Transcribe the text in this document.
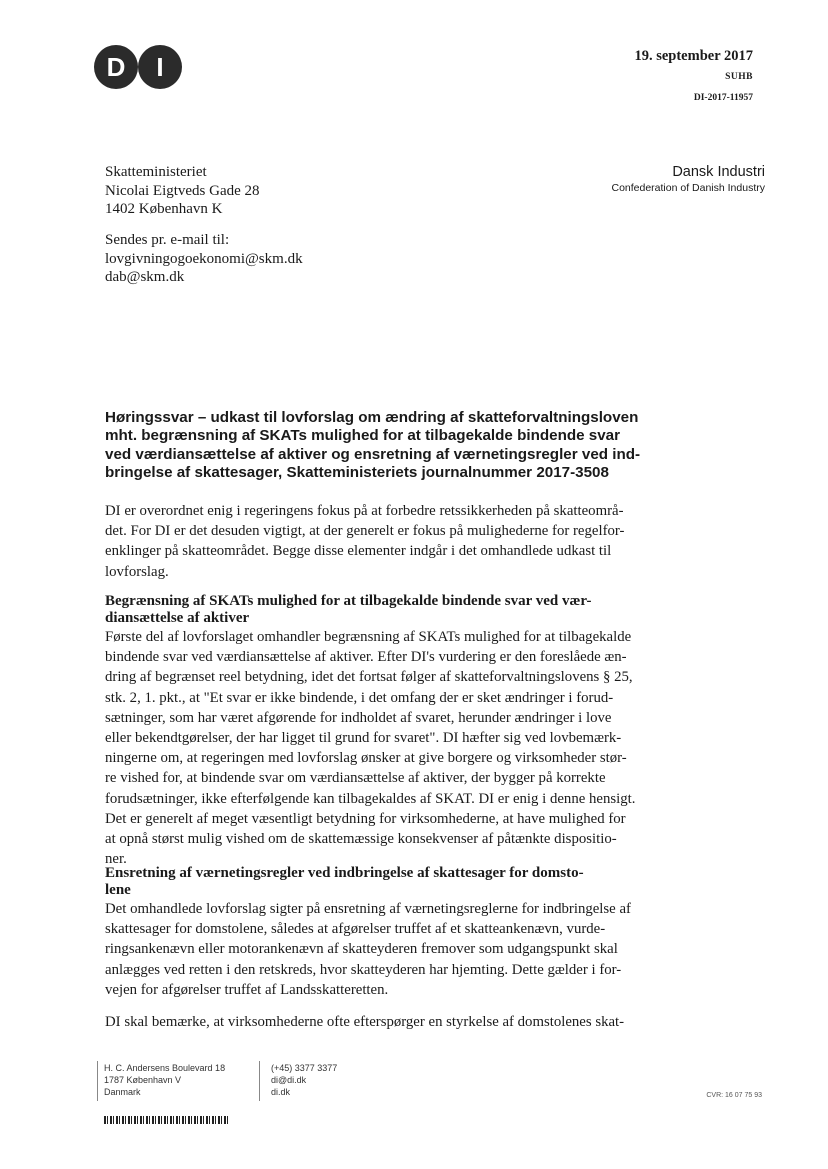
D	I	19. september 2017
SUHB
DI-2017-11957
Skatteministeriet
Nicolai Eigtveds Gade 28
1402 København K
Dansk Industri
Confederation of Danish Industry
Sendes pr. e-mail til:
lovgivningogoekonomi@skm.dk
dab@skm.dk
Høringssvar – udkast til lovforslag om ændring af skatteforvaltningsloven
mht. begrænsning af SKATs mulighed for at tilbagekalde bindende svar
ved værdiansættelse af aktiver og ensretning af værnetingsregler ved ind-
bringelse af skattesager, Skatteministeriets journalnummer 2017-3508
DI er overordnet enig i regeringens fokus på at forbedre retssikkerheden på skatteområ-
det. For DI er det desuden vigtigt, at der generelt er fokus på mulighederne for regelfor-
enklinger på skatteområdet. Begge disse elementer indgår i det omhandlede udkast til
lovforslag.
Begrænsning af SKATs mulighed for at tilbagekalde bindende svar ved vær-
diansættelse af aktiver
Første del af lovforslaget omhandler begrænsning af SKATs mulighed for at tilbagekalde
bindende svar ved værdiansættelse af aktiver. Efter DI's vurdering er den foreslåede æn-
dring af begrænset reel betydning, idet det fortsat følger af skatteforvaltningslovens § 25,
stk. 2, 1. pkt., at "Et svar er ikke bindende, i det omfang der er sket ændringer i forud-
sætninger, som har været afgørende for indholdet af svaret, herunder ændringer i love
eller bekendtgørelser, der har ligget til grund for svaret". DI hæfter sig ved lovbemærk-
ningerne om, at regeringen med lovforslag ønsker at give borgere og virksomheder stør-
re vished for, at bindende svar om værdiansættelse af aktiver, der bygger på korrekte
forudsætninger, ikke efterfølgende kan tilbagekaldes af SKAT. DI er enig i denne hensigt.
Det er generelt af meget væsentligt betydning for virksomhederne, at have mulighed for
at opnå størst mulig vished om de skattemæssige konsekvenser af påtænkte dispositio-
ner.
Ensretning af værnetingsregler ved indbringelse af skattesager for domsto-
lene
Det omhandlede lovforslag sigter på ensretning af værnetingsreglerne for indbringelse af
skattesager for domstolene, således at afgørelser truffet af et skatteankenævn, vurde-
ringsankenævn eller motorankenævn af skatteyderen fremover som udgangspunkt skal
anlægges ved retten i den retskreds, hvor skatteyderen har hjemting. Dette gælder i for-
vejen for afgørelser truffet af Landsskatteretten.
DI skal bemærke, at virksomhederne ofte efterspørger en styrkelse af domstolenes skat-
H. C. Andersens Boulevard 18
1787 København V
Danmark
(+45) 3377 3377
di@di.dk
di.dk	CVR: 16 07 75 93
